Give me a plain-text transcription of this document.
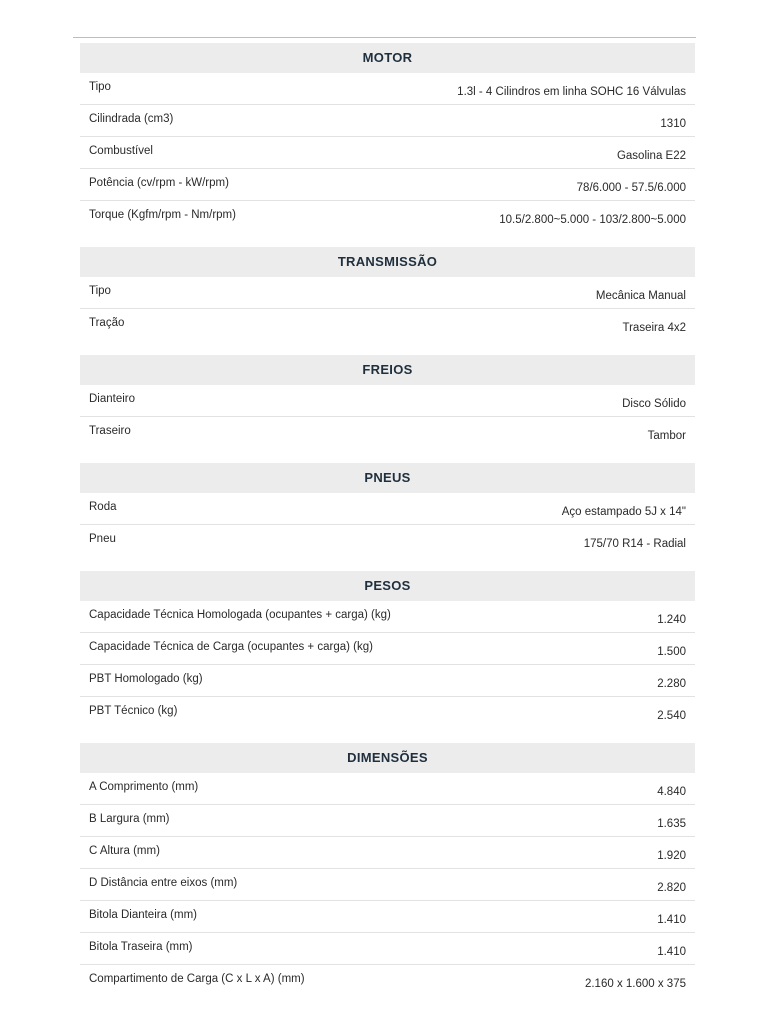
MOTOR
Tipo	1.3l - 4 Cilindros em linha SOHC 16 Válvulas
Cilindrada (cm3)	1310
Combustível	Gasolina E22
Potência (cv/rpm - kW/rpm)	78/6.000 - 57.5/6.000
Torque (Kgfm/rpm - Nm/rpm)	10.5/2.800~5.000 - 103/2.800~5.000
TRANSMISSÃO
Tipo	Mecânica Manual
Tração	Traseira 4x2
FREIOS
Dianteiro	Disco Sólido
Traseiro	Tambor
PNEUS
Roda	Aço estampado 5J x 14"
Pneu	175/70 R14 - Radial
PESOS
Capacidade Técnica Homologada (ocupantes + carga) (kg)	1.240
Capacidade Técnica de Carga (ocupantes + carga) (kg)	1.500
PBT Homologado (kg)	2.280
PBT Técnico (kg)	2.540
DIMENSÕES
A Comprimento (mm)	4.840
B Largura (mm)	1.635
C Altura (mm)	1.920
D Distância entre eixos (mm)	2.820
Bitola Dianteira (mm)	1.410
Bitola Traseira (mm)	1.410
Compartimento de Carga (C x L x A) (mm)	2.160 x 1.600 x 375
